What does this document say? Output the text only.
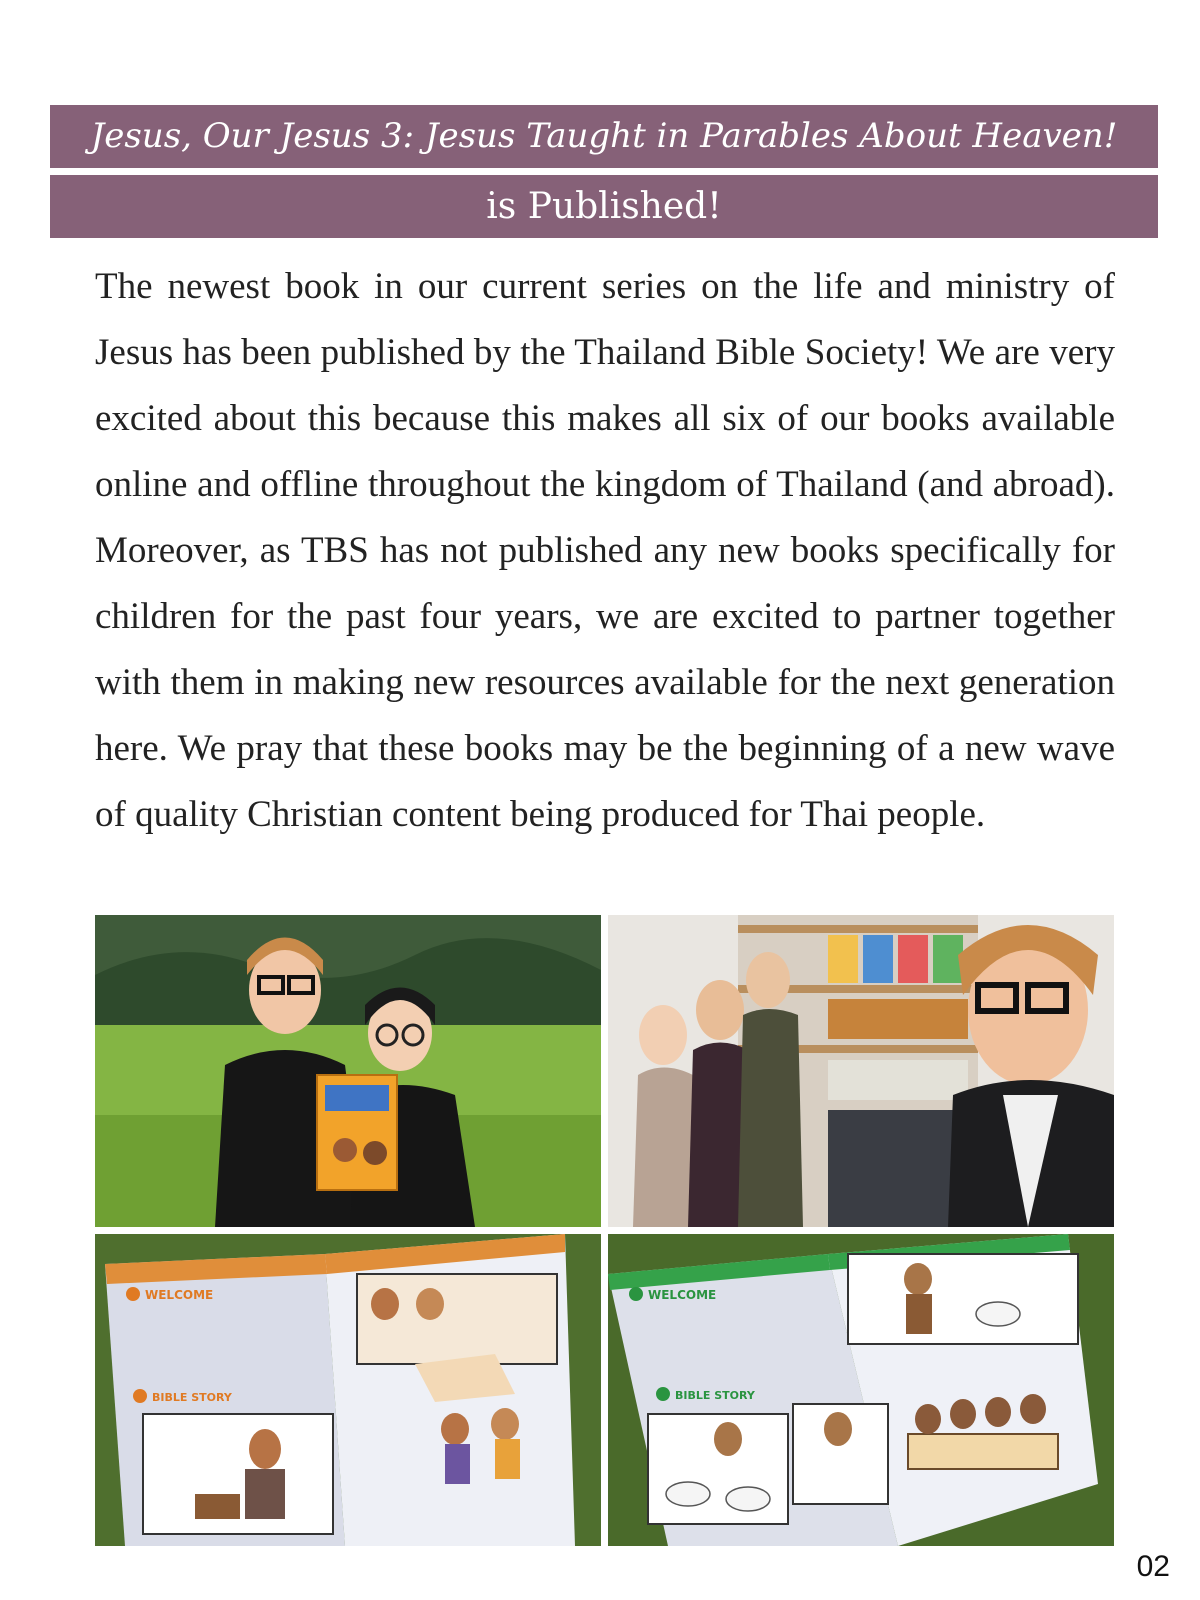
Jesus, Our Jesus 3: Jesus Taught in Parables About Heaven!
is Published!

The newest book in our current series on the life and ministry of Jesus has been published by the Thailand Bible Society! We are very excited about this because this makes all six of our books available online and offline throughout the kingdom of Thailand (and abroad). Moreover, as TBS has not published any new books specifically for children for the past four years, we are excited to partner together with them in making new resources available for the next generation here. We pray that these books may be the beginning of a new wave of quality Christian content being produced for Thai people.

WELCOME
BIBLE STORY
WELCOME
BIBLE STORY
02
